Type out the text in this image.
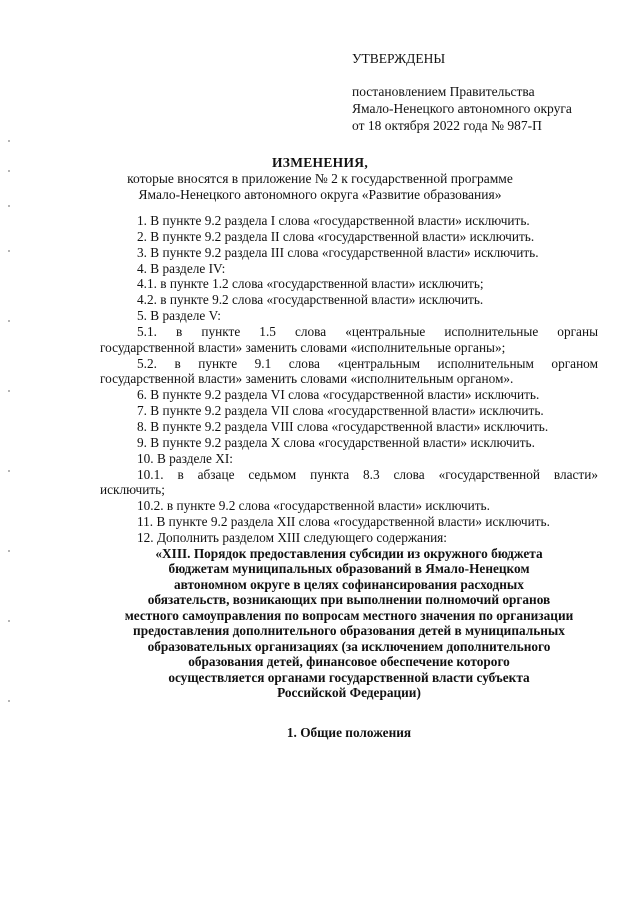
УТВЕРЖДЕНЫ
постановлением Правительства
Ямало-Ненецкого автономного округа
от 18 октября 2022 года № 987-П
ИЗМЕНЕНИЯ,
которые вносятся в приложение № 2 к государственной программе
Ямало-Ненецкого автономного округа «Развитие образования»

1. В пункте 9.2 раздела I слова «государственной власти» исключить.

2. В пункте 9.2 раздела II слова «государственной власти» исключить.

3. В пункте 9.2 раздела III слова «государственной власти» исключить.

4. В разделе IV:

4.1. в пункте 1.2 слова «государственной власти» исключить;

4.2. в пункте 9.2 слова «государственной власти» исключить.

5. В разделе V:

5.1. в пункте 1.5 слова «центральные исполнительные органы
государственной власти» заменить словами «исполнительные органы»;

5.2. в пункте 9.1 слова «центральным исполнительным органом
государственной власти» заменить словами «исполнительным органом».

6. В пункте 9.2 раздела VI слова «государственной власти» исключить.

7. В пункте 9.2 раздела VII слова «государственной власти» исключить.

8. В пункте 9.2 раздела VIII слова «государственной власти» исключить.

9. В пункте 9.2 раздела X слова «государственной власти» исключить.

10. В разделе XI:

10.1. в абзаце седьмом пункта 8.3 слова «государственной власти»
исключить;

10.2. в пункте 9.2 слова «государственной власти» исключить.

11. В пункте 9.2 раздела XII слова «государственной власти» исключить.

12. Дополнить разделом XIII следующего содержания:

«XIII. Порядок предоставления субсидии из окружного бюджета
бюджетам муниципальных образований в Ямало-Ненецком
автономном округе в целях софинансирования расходных
обязательств, возникающих при выполнении полномочий органов
местного самоуправления по вопросам местного значения по организации
предоставления дополнительного образования детей в муниципальных
образовательных организациях (за исключением дополнительного
образования детей, финансовое обеспечение которого
осуществляется органами государственной власти субъекта
Российской Федерации)
1. Общие положения
